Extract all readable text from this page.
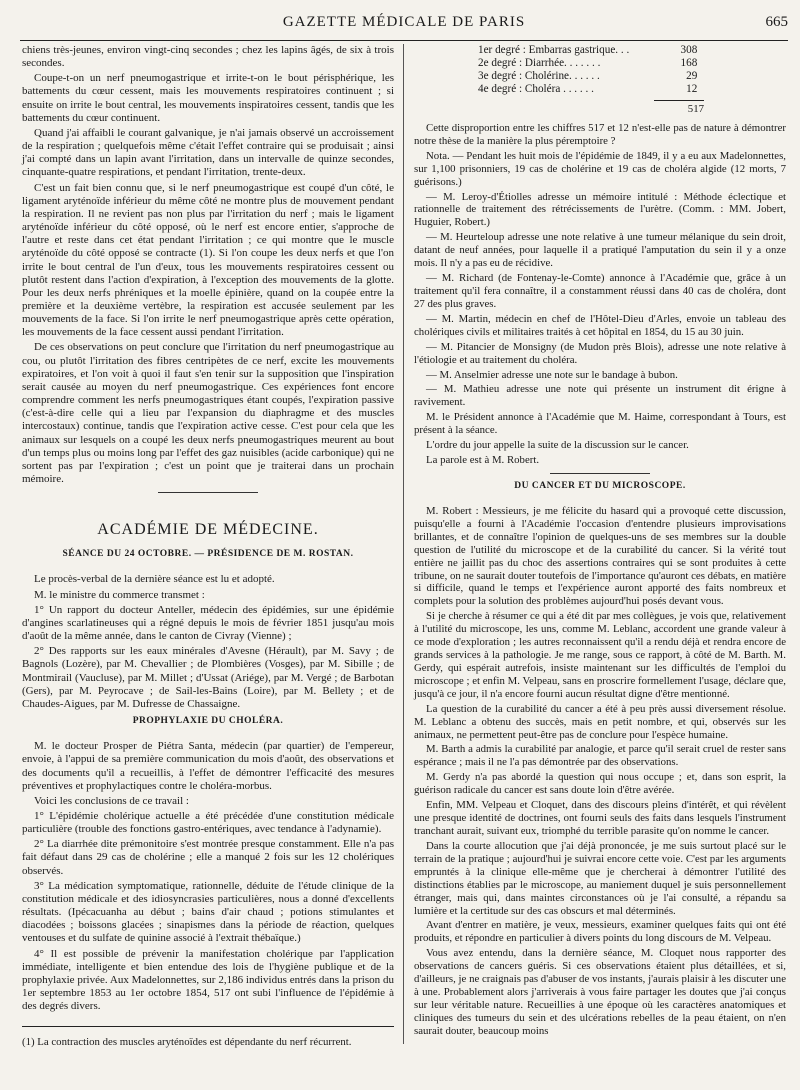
GAZETTE MÉDICALE DE PARIS	665

chiens très-jeunes, environ vingt-cinq secondes ; chez les lapins âgés, de six à trois secondes.

Coupe-t-on un nerf pneumogastrique et irrite-t-on le bout périsphérique, les battements du cœur cessent, mais les mouvements respiratoires continuent ; si ensuite on irrite le bout central, les mouvements inspiratoires cessent, tandis que les battements du cœur continuent.

Quand j'ai affaibli le courant galvanique, je n'ai jamais observé un accroissement de la respiration ; quelquefois même c'était l'effet contraire qui se produisait ; ainsi j'ai compté dans un lapin avant l'irritation, dans un intervalle de quinze secondes, cinquante-quatre respirations, et pendant l'irritation, trente-deux.

C'est un fait bien connu que, si le nerf pneumogastrique est coupé d'un côté, le ligament aryténoïde inférieur du même côté ne montre plus de mouvement pendant la respiration. Il ne revient pas non plus par l'irritation du nerf ; mais le ligament aryténoïde inférieur du côté opposé, où le nerf est encore entier, s'approche de l'autre et reste dans cet état pendant l'irritation ; ce qui montre que le muscle aryténoïde du côté opposé se contracte (1). Si l'on coupe les deux nerfs et que l'on irrite le bout central de l'un d'eux, tous les mouvements respiratoires cessent ou plutôt restent dans l'action d'expiration, à l'exception des mouvements de la glotte. Pour les deux nerfs phréniques et la moelle épinière, quand on la coupée entre la première et la deuxième vertèbre, la respiration est accusée seulement par les mouvements de la face. Si l'on irrite le nerf pneumogastrique après cette opération, les mouvements de la face cessent aussi pendant l'irritation.

De ces observations on peut conclure que l'irritation du nerf pneumogastrique au cou, ou plutôt l'irritation des fibres centripètes de ce nerf, excite les mouvements expiratoires, et l'on voit à quoi il faut s'en tenir sur la supposition que l'inspiration serait causée au moyen du nerf pneumogastrique. Ces expériences font encore comprendre comment les nerfs pneumogastriques étant coupés, l'expiration passive (c'est-à-dire celle qui a lieu par l'expansion du diaphragme et des muscles intercostaux) continue, tandis que l'expiration active cesse. C'est pour cela que les animaux sur lesquels on a coupé les deux nerfs pneumogastriques meurent au bout d'un temps plus ou moins long par l'effet des gaz nuisibles (acide carbonique) qui ne sortent pas par l'expiration ; c'est un point que je traiterai dans un prochain mémoire.

ACADÉMIE DE MÉDECINE.
SÉANCE DU 24 OCTOBRE. — PRÉSIDENCE DE M. ROSTAN.

Le procès-verbal de la dernière séance est lu et adopté.

M. le ministre du commerce transmet :

1° Un rapport du docteur Anteller, médecin des épidémies, sur une épidémie d'angines scarlatineuses qui a régné depuis le mois de février 1851 jusqu'au mois d'août de la même année, dans le canton de Civray (Vienne) ;

2° Des rapports sur les eaux minérales d'Avesne (Hérault), par M. Savy ; de Bagnols (Lozère), par M. Chevallier ; de Plombières (Vosges), par M. Sibille ; de Montmirail (Vaucluse), par M. Millet ; d'Ussat (Ariége), par M. Vergé ; de Barbotan (Gers), par M. Peyrocave ; de Sail-les-Bains (Loire), par M. Bellety ; et de Chaudes-Aigues, par M. Dufresse de Chassaigne.

PROPHYLAXIE DU CHOLÉRA.

M. le docteur Prosper de Piétra Santa, médecin (par quartier) de l'empereur, envoie, à l'appui de sa première communication du mois d'août, des observations et des documents qu'il a recueillis, à l'effet de démontrer l'efficacité des mesures préventives et prophylactiques contre le choléra-morbus.

Voici les conclusions de ce travail :

1° L'épidémie cholérique actuelle a été précédée d'une constitution médicale particulière (trouble des fonctions gastro-entériques, avec tendance à l'adynamie).

2° La diarrhée dite prémonitoire s'est montrée presque constamment. Elle n'a pas fait défaut dans 29 cas de cholérine ; elle a manqué 2 fois sur les 12 cholériques observés.

3° La médication symptomatique, rationnelle, déduite de l'étude clinique de la constitution médicale et des idiosyncrasies particulières, nous a donné d'excellents résultats. (Ipécacuanha au début ; bains d'air chaud ; potions stimulantes et diacodées ; boissons glacées ; sinapismes dans la période de réaction, quelques ventouses et du sulfate de quinine associé à l'extrait thébaïque.)

4° Il est possible de prévenir la manifestation cholérique par l'application immédiate, intelligente et bien entendue des lois de l'hygiène publique et de la prophylaxie privée. Aux Madelonnettes, sur 2,186 individus entrés dans la prison du 1er septembre 1853 au 1er octobre 1854, 517 ont subi l'influence de l'épidémie à des degrés divers.

(1) La contraction des muscles aryténoïdes est dépendante du nerf récurrent.
1er degré : Embarras gastrique. . .	308
2e degré : Diarrhée. . . . . . .	168
3e degré : Cholérine. . . . . .	29
4e degré : Choléra . . . . . .	12
517

Cette disproportion entre les chiffres 517 et 12 n'est-elle pas de nature à démontrer notre thèse de la manière la plus péremptoire ?

Nota. — Pendant les huit mois de l'épidémie de 1849, il y a eu aux Madelonnettes, sur 1,100 prisonniers, 19 cas de cholérine et 19 cas de choléra algide (12 morts, 7 guérisons.)

— M. Leroy-d'Étiolles adresse un mémoire intitulé : Méthode éclectique et rationnelle de traitement des rétrécissements de l'urètre. (Comm. : MM. Jobert, Huguier, Robert.)

— M. Heurteloup adresse une note relative à une tumeur mélanique du sein droit, datant de neuf années, pour laquelle il a pratiqué l'amputation du sein il y a onze mois. Il n'y a pas eu de récidive.

— M. Richard (de Fontenay-le-Comte) annonce à l'Académie que, grâce à un traitement qu'il fera connaître, il a constamment réussi dans 40 cas de choléra, dont 27 des plus graves.

— M. Martin, médecin en chef de l'Hôtel-Dieu d'Arles, envoie un tableau des cholériques civils et militaires traités à cet hôpital en 1854, du 15 au 30 juin.

— M. Pitancier de Monsigny (de Mudon près Blois), adresse une note relative à l'étiologie et au traitement du choléra.

— M. Anselmier adresse une note sur le bandage à bubon.

— M. Mathieu adresse une note qui présente un instrument dit érigne à ravivement.

M. le Président annonce à l'Académie que M. Haime, correspondant à Tours, est présent à la séance.

L'ordre du jour appelle la suite de la discussion sur le cancer.

La parole est à M. Robert.

DU CANCER ET DU MICROSCOPE.

M. Robert : Messieurs, je me félicite du hasard qui a provoqué cette discussion, puisqu'elle a fourni à l'Académie l'occasion d'entendre plusieurs improvisations brillantes, et de connaître l'opinion de quelques-uns de ses membres sur la double question de l'utilité du microscope et de la curabilité du cancer. Si la vérité tout entière ne jaillit pas du choc des assertions contraires qui se sont produites à cette tribune, on ne saurait douter toutefois de l'importance qu'auront ces débats, en matière si difficile, quand le temps et l'expérience auront apporté des faits nombreux et complets pour la solution des problèmes aujourd'hui posés devant vous.

Si je cherche à résumer ce qui a été dit par mes collègues, je vois que, relativement à l'utilité du microscope, les uns, comme M. Leblanc, accordent une grande valeur à ce mode d'exploration ; les autres reconnaissent qu'il a rendu déjà et rendra encore de grands services à la pathologie. Je me range, sous ce rapport, à côté de M. Barth. M. Gerdy, qui espérait autrefois, insiste maintenant sur les difficultés de l'emploi du microscope ; et enfin M. Velpeau, sans en proscrire formellement l'usage, déclare que, jusqu'à ce jour, il n'a encore fourni aucun résultat digne d'être mentionné.

La question de la curabilité du cancer a été à peu près aussi diversement résolue. M. Leblanc a obtenu des succès, mais en petit nombre, et qui, observés sur les animaux, ne permettent peut-être pas de conclure pour l'espèce humaine.

M. Barth a admis la curabilité par analogie, et parce qu'il serait cruel de rester sans espérance ; mais il ne l'a pas démontrée par des observations.

M. Gerdy n'a pas abordé la question qui nous occupe ; et, dans son esprit, la guérison radicale du cancer est sans doute loin d'être avérée.

Enfin, MM. Velpeau et Cloquet, dans des discours pleins d'intérêt, et qui révèlent une presque identité de doctrines, ont fourni seuls des faits dans lesquels l'instrument tranchant aurait, suivant eux, triomphé du terrible parasite qu'on nomme le cancer.

Dans la courte allocution que j'ai déjà prononcée, je me suis surtout placé sur le terrain de la pratique ; aujourd'hui je suivrai encore cette voie. C'est par les arguments empruntés à la clinique elle-même que je chercherai à démontrer l'utilité des distinctions établies par le microscope, au maniement duquel je suis personnellement étranger, mais qui, dans maintes circonstances où je l'ai consulté, a répandu sa lumière et la certitude sur des cas obscurs et mal déterminés.

Avant d'entrer en matière, je veux, messieurs, examiner quelques faits qui ont été produits, et répondre en particulier à divers points du long discours de M. Velpeau.

Vous avez entendu, dans la dernière séance, M. Cloquet nous rapporter des observations de cancers guéris. Si ces observations étaient plus détaillées, et si, d'ailleurs, je ne craignais pas d'abuser de vos instants, j'aurais plaisir à les discuter une à une. Probablement alors j'arriverais à vous faire partager les doutes que j'ai conçus sur leur véritable nature. Recueillies à une époque où les caractères anatomiques et cliniques des tumeurs du sein et des ulcérations rebelles de la peau étaient, on n'en saurait douter, beaucoup moins
